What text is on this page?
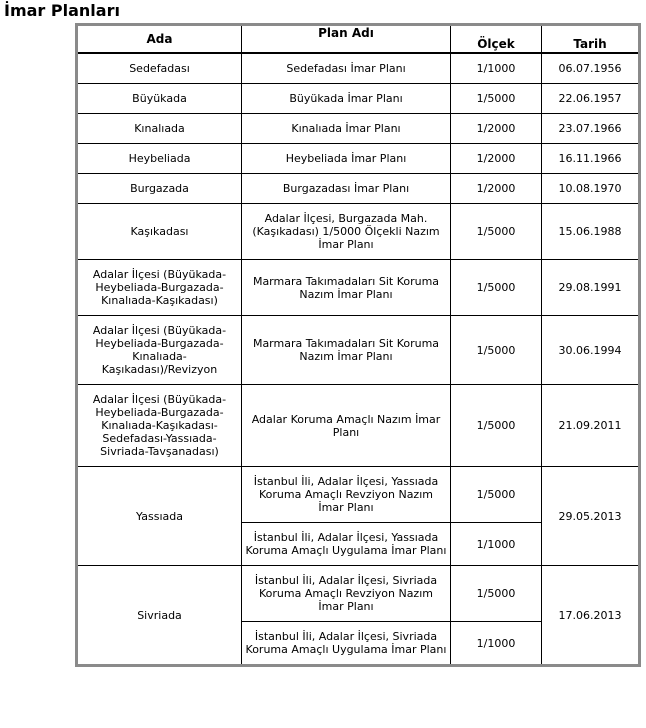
İmar Planları
Ada	Plan Adı	Ölçek	Tarih
Sedefadası	Sedefadası İmar Planı	1/1000	06.07.1956
Büyükada	Büyükada İmar Planı	1/5000	22.06.1957
Kınalıada	Kınalıada İmar Planı	1/2000	23.07.1966
Heybeliada	Heybeliada İmar Planı	1/2000	16.11.1966
Burgazada	Burgazadası İmar Planı	1/2000	10.08.1970
Kaşıkadası	Adalar İlçesi, Burgazada Mah. (Kaşıkadası) 1/5000 Ölçekli Nazım İmar Planı	1/5000	15.06.1988
Adalar İlçesi (Büyükada-Heybeliada-Burgazada-Kınalıada-Kaşıkadası)	Marmara Takımadaları Sit Koruma Nazım İmar Planı	1/5000	29.08.1991
Adalar İlçesi (Büyükada-Heybeliada-Burgazada-Kınalıada-Kaşıkadası)/Revizyon	Marmara Takımadaları Sit Koruma Nazım İmar Planı	1/5000	30.06.1994
Adalar İlçesi (Büyükada-Heybeliada-Burgazada-Kınalıada-Kaşıkadası-Sedefadası-Yassıada-Sivriada-Tavşanadası)	Adalar Koruma Amaçlı Nazım İmar Planı	1/5000	21.09.2011
Yassıada	İstanbul İli, Adalar İlçesi, Yassıada Koruma Amaçlı Revziyon Nazım İmar Planı	1/5000	29.05.2013
	İstanbul İli, Adalar İlçesi, Yassıada Koruma Amaçlı Uygulama İmar Planı	1/1000	
Sivriada	İstanbul İli, Adalar İlçesi, Sivriada Koruma Amaçlı Revziyon Nazım İmar Planı	1/5000	17.06.2013
	İstanbul İli, Adalar İlçesi, Sivriada Koruma Amaçlı Uygulama İmar Planı	1/1000	
